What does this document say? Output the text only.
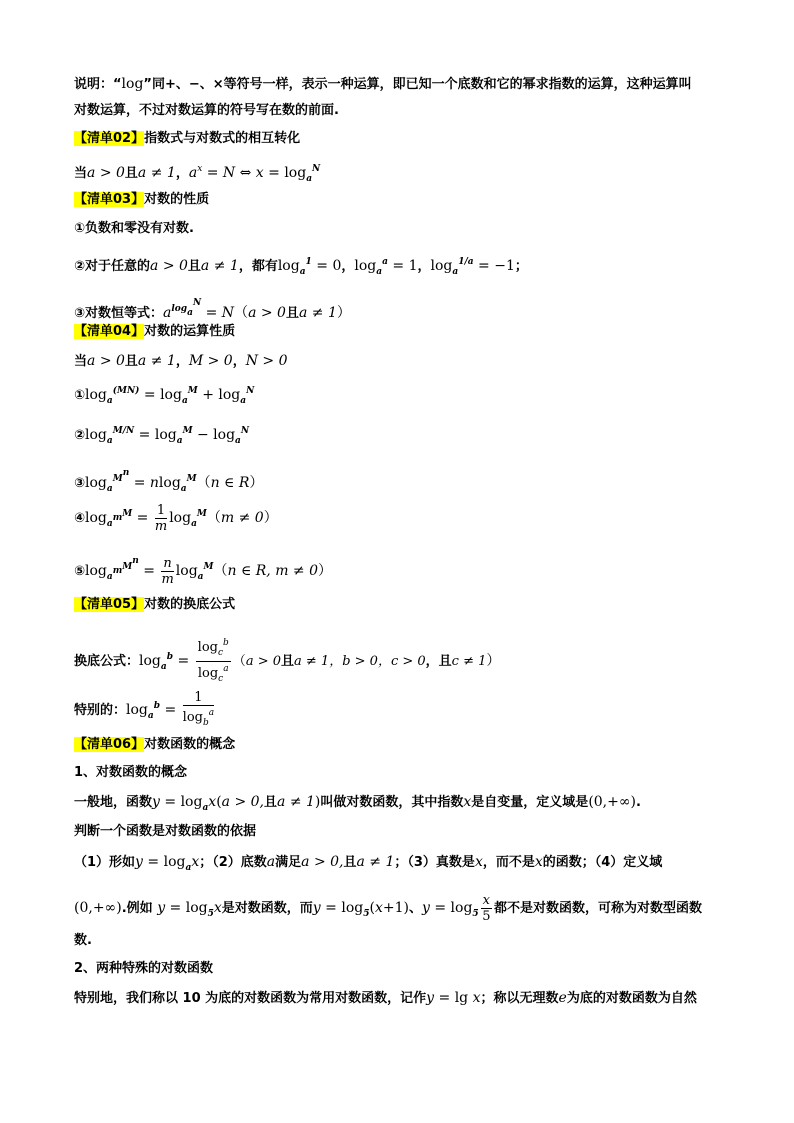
说明：“log”同+、−、×等符号一样，表示一种运算，即已知一个底数和它的幂求指数的运算，这种运算叫
对数运算，不过对数运算的符号写在数的前面.
【清单02】指数式与对数式的相互转化
当a > 0且a ≠ 1，$a^x = N$ ⇔ $x = \log_a^N$
【清单03】对数的性质
①负数和零没有对数.
②对于任意的a > 0且a ≠ 1，都有$\log_a^1 = 0$，$\log_a^a = 1$，$\log_a^{1/a} = -1$；
③对数恒等式：$a^{log_a^N} = N(a > 0$且a ≠ 1）
【清单04】对数的运算性质
当a > 0且a ≠ 1，M > 0，N > 0
$①\log_a^{(MN)} = \log_a^M + \log_a^N$
$②\log_a^{M/N} = \log_a^M - \log_a^N$
$③\log_a^{M^n} = nlog_a^M(n$ ∈ R）
$④\log_{a^m}^M = \frac{1}{m} \log_a^M(m \ne 0)$
$⑤\log_{a^m}^{M^n} = \frac{n}{m} \log_a^M(n$ ∈ R, m ≠ 0）
【清单05】对数的换底公式
换底公式：$\log_a^b = \frac{\log_c^b}{\log_c^a} (a > 0$且a ≠ 1，b > 0，c > 0，且c ≠ 1）
特别的：$\log_a^b = \frac{1}{\log_b^a}$
【清单06】对数函数的概念
1、对数函数的概念
一般地，函数$y = \log_ax(a > 0$,且a ≠ 1)叫做对数函数，其中指数x是自变量，定义域是(0,+∞).
判断一个函数是对数函数的依据
（1）形如$y = \log_ax$；（2）底数a满足a > 0,且a ≠ 1；（3）真数是x，而不是x的函数；（4）定义域
(0,+∞).例如 $y = \log_5x$是对数函数，而$y = \log_5(x+1)$、$y = \log_5 \frac{x}{5}$ 都不是对数函数，可称为对数型函数
数.
2、两种特殊的对数函数
特别地，我们称以 10 为底的对数函数为常用对数函数，记作y = lg x；称以无理数e为底的对数函数为自然
